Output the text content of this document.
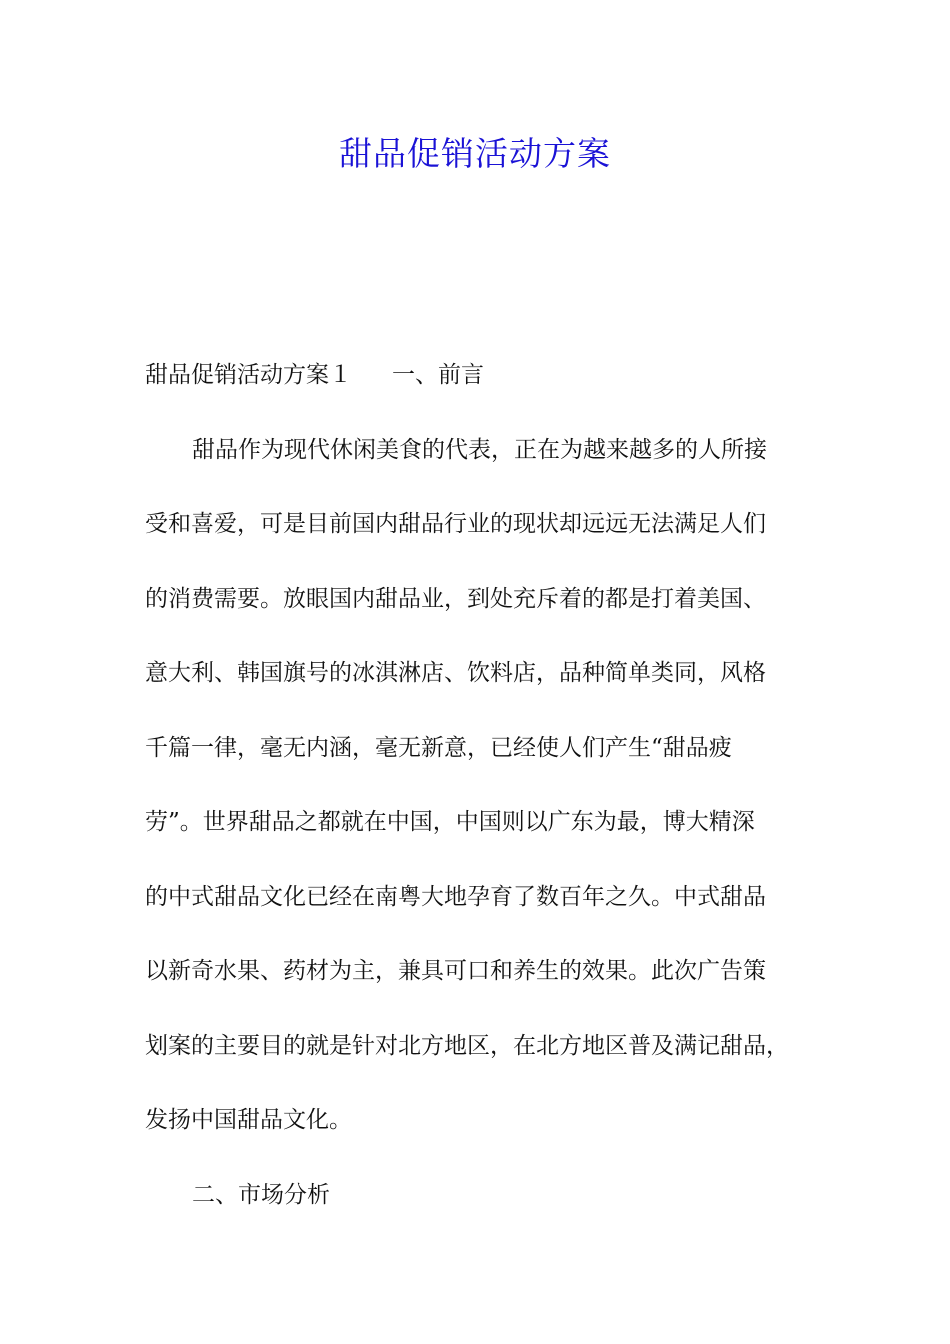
甜品促销活动方案
甜品促销活动方案１ 一、前言
甜品作为现代休闲美食的代表，正在为越来越多的人所接
受和喜爱，可是目前国内甜品行业的现状却远远无法满足人们
的消费需要。放眼国内甜品业，到处充斥着的都是打着美国、
意大利、韩国旗号的冰淇淋店、饮料店，品种简单类同，风格
千篇一律，毫无内涵，毫无新意，已经使人们产生“甜品疲
劳”。世界甜品之都就在中国，中国则以广东为最，博大精深
的中式甜品文化已经在南粤大地孕育了数百年之久。中式甜品
以新奇水果、药材为主，兼具可口和养生的效果。此次广告策
划案的主要目的就是针对北方地区，在北方地区普及满记甜品，
发扬中国甜品文化。
二、市场分析
